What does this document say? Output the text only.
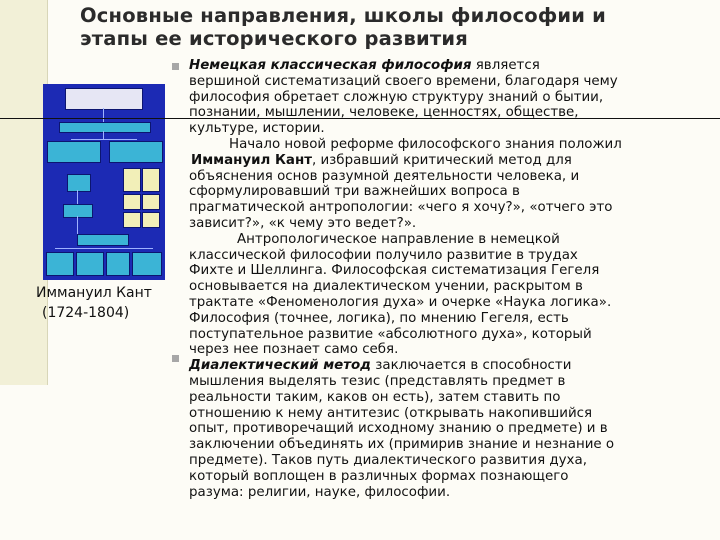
Основные направления, школы философии и
этапы ее исторического развития
Иммануил Кант
(1724-1804)

Немецкая классическая философия является

вершиной систематизаций своего времени, благодаря чему

философия обретает сложную структуру знаний о бытии,

познании, мышлении, человеке, ценностях, обществе,

культуре, истории.

Начало новой реформе философского знания положил

Иммануил Кант, избравший критический метод для

объяснения основ разумной деятельности человека, и

сформулировавший три важнейших вопроса в

прагматической антропологии: «чего я хочу?», «отчего это

зависит?», «к чему это ведет?».

Антропологическое направление в немецкой

классической философии получило развитие в трудах

Фихте и Шеллинга. Философская систематизация Гегеля

основывается на диалектическом учении, раскрытом в

трактате «Феноменология духа» и очерке «Наука логика».

Философия (точнее, логика), по мнению Гегеля, есть

поступательное развитие «абсолютного духа», который

через нее познает само себя.

Диалектический метод заключается в способности

мышления выделять тезис (представлять предмет в

реальности таким, каков он есть), затем ставить по

отношению к нему антитезис (открывать накопившийся

опыт, противоречащий исходному знанию о предмете) и в

заключении объединять их (примирив знание и незнание о

предмете). Таков путь диалектического развития духа,

который воплощен в различных формах познающего

разума: религии, науке, философии.
